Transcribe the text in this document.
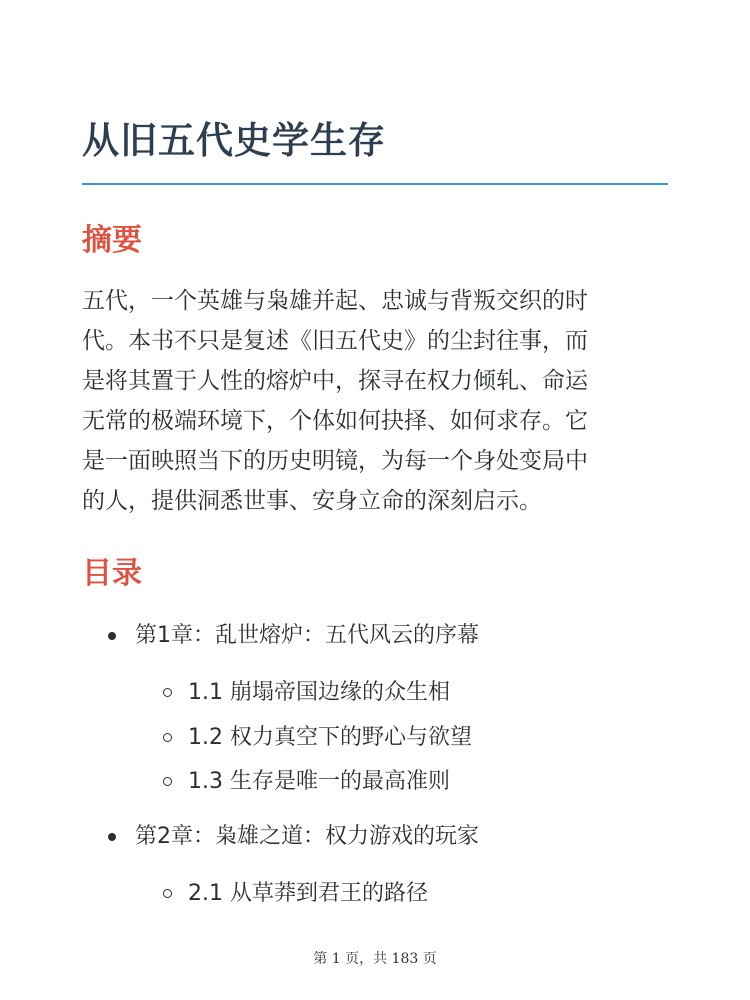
从旧五代史学生存
摘要
五代，一个英雄与枭雄并起、忠诚与背叛交织的时
代。本书不只是复述《旧五代史》的尘封往事，而
是将其置于人性的熔炉中，探寻在权力倾轧、命运
无常的极端环境下，个体如何抉择、如何求存。它
是一面映照当下的历史明镜，为每一个身处变局中
的人，提供洞悉世事、安身立命的深刻启示。
目录
第1章：乱世熔炉：五代风云的序幕
1.1 崩塌帝国边缘的众生相
1.2 权力真空下的野心与欲望
1.3 生存是唯一的最高准则
第2章：枭雄之道：权力游戏的玩家
2.1 从草莽到君王的路径
第 1 页，共 183 页
